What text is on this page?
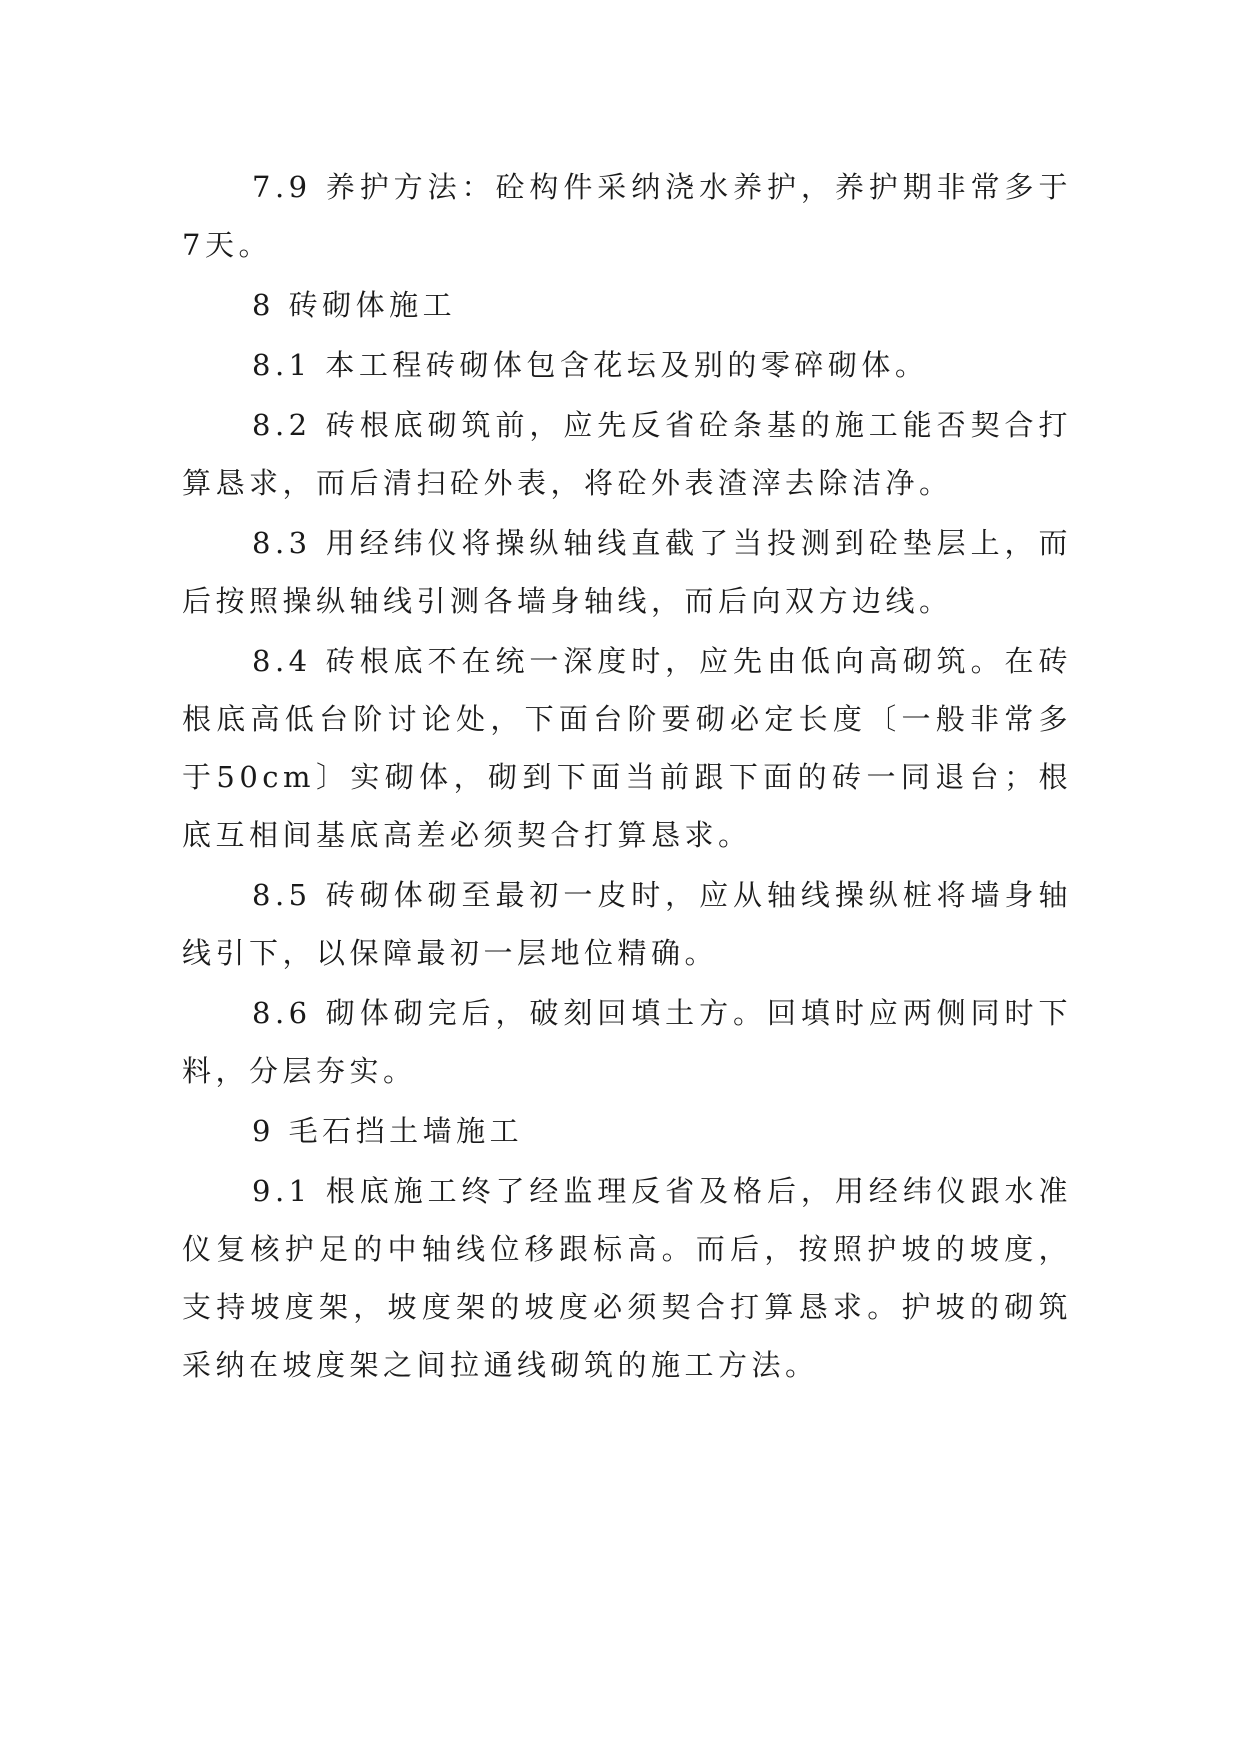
7.9 养护方法：砼构件采纳浇水养护，养护期非常多于7天。

8 砖砌体施工

8.1 本工程砖砌体包含花坛及别的零碎砌体。

8.2 砖根底砌筑前，应先反省砼条基的施工能否契合打算恳求，而后清扫砼外表，将砼外表渣滓去除洁净。

8.3 用经纬仪将操纵轴线直截了当投测到砼垫层上，而后按照操纵轴线引测各墙身轴线，而后向双方边线。

8.4 砖根底不在统一深度时，应先由低向高砌筑。在砖根底高低台阶讨论处，下面台阶要砌必定长度〔一般非常多于50cm〕实砌体，砌到下面当前跟下面的砖一同退台；根底互相间基底高差必须契合打算恳求。

8.5 砖砌体砌至最初一皮时，应从轴线操纵桩将墙身轴线引下，以保障最初一层地位精确。

8.6 砌体砌完后，破刻回填土方。回填时应两侧同时下料，分层夯实。

9 毛石挡土墙施工

9.1 根底施工终了经监理反省及格后，用经纬仪跟水准仪复核护足的中轴线位移跟标高。而后，按照护坡的坡度，支持坡度架，坡度架的坡度必须契合打算恳求。护坡的砌筑采纳在坡度架之间拉通线砌筑的施工方法。
